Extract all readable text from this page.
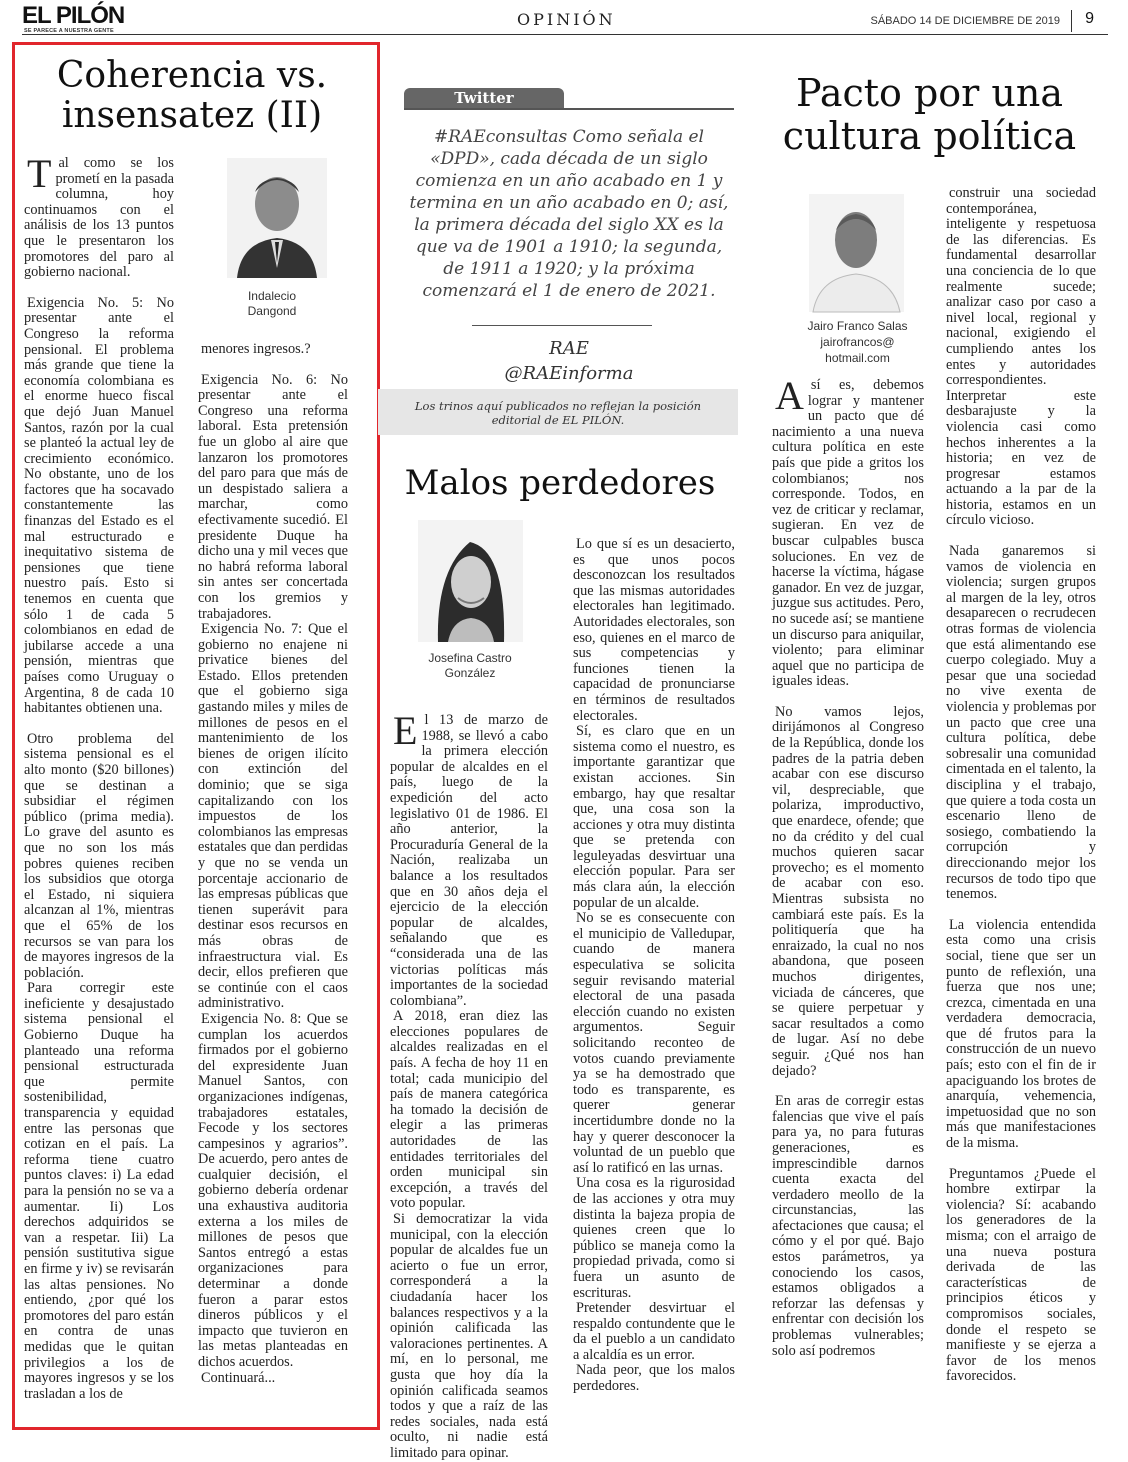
EL PILÓN
SE PARECE A NUESTRA GENTE
OPINIÓN	SÁBADO 14 DE DICIEMBRE DE 2019 9
Coherencia vs. insensatez (II)
Indalecio Dangond

Tal como se los prometí en la pasada columna, hoy continuamos con el análisis de los 13 puntos que le presentaron los promotores del paro al gobierno nacional.

Exigencia No. 5: No presentar ante el Congreso la reforma pensional. El problema más grande que tiene la economía colombiana es el enorme hueco fiscal que dejó Juan Manuel Santos, razón por la cual se planteó la actual ley de crecimiento económico. No obstante, uno de los factores que ha socavado constantemente las finanzas del Estado es el mal estructurado e inequitativo sistema de pensiones que tiene nuestro país. Esto si tenemos en cuenta que sólo 1 de cada 5 colombianos en edad de jubilarse accede a una pensión, mientras que países como Uruguay o Argentina, 8 de cada 10 habitantes obtienen una.

Otro problema del sistema pensional es el alto monto ($20 billones) que se destinan a subsidiar el régimen público (prima media). Lo grave del asunto es que no son los más pobres quienes reciben los subsidios que otorga el Estado, ni siquiera alcanzan al 1%, mientras que el 65% de los recursos se van para los de mayores ingresos de la población.

Para corregir este ineficiente y desajustado sistema pensional el Gobierno Duque ha planteado una reforma pensional estructurada que permite sostenibilidad, transparencia y equidad entre las personas que cotizan en el país. La reforma tiene cuatro puntos claves: i) La edad para la pensión no se va a aumentar. Ii) Los derechos adquiridos se van a respetar. Iii) La pensión sustitutiva sigue en firme y iv) se revisarán las altas pensiones. No entiendo, ¿por qué los promotores del paro están en contra de unas medidas que le quitan privilegios a los de mayores ingresos y se los trasladan a los de

menores ingresos.?

Exigencia No. 6: No presentar ante el Congreso una reforma laboral. Esta pretensión fue un globo al aire que lanzaron los promotores del paro para que más de un despistado saliera a marchar, como efectivamente sucedió. El presidente Duque ha dicho una y mil veces que no habrá reforma laboral sin antes ser concertada con los gremios y trabajadores.

Exigencia No. 7: Que el gobierno no enajene ni privatice bienes del Estado. Ellos pretenden que el gobierno siga gastando miles y miles de millones de pesos en el mantenimiento de los bienes de origen ilícito con extinción del dominio; que se siga capitalizando con los impuestos de los colombianos las empresas estatales que dan perdidas y que no se venda un porcentaje accionario de las empresas públicas que tienen superávit para destinar esos recursos en más obras de infraestructura vial. Es decir, ellos prefieren que se continúe con el caos administrativo.

Exigencia No. 8: Que se cumplan los acuerdos firmados por el gobierno del expresidente Juan Manuel Santos, con organizaciones indígenas, trabajadores estatales, Fecode y los sectores campesinos y agrarios”. De acuerdo, pero antes de cualquier decisión, el gobierno debería ordenar una exhaustiva auditoria externa a los miles de millones de pesos que Santos entregó a estas organizaciones para determinar a donde fueron a parar estos dineros públicos y el impacto que tuvieron en las metas planteadas en dichos acuerdos.

Continuará...

Twitter
#RAEconsultas Como señala el «DPD», cada década de un siglo comienza en un año acabado en 1 y termina en un año acabado en 0; así, la primera década del siglo XX es la que va de 1901 a 1910; la segunda, de 1911 a 1920; y la próxima comenzará el 1 de enero de 2021.
RAE
@RAEinforma
Los trinos aquí publicados no reflejan la posición editorial de EL PILÓN.
Malos perdedores
Josefina Castro González

El 13 de marzo de 1988, se llevó a cabo la primera elección popular de alcaldes en el país, luego de la expedición del acto legislativo 01 de 1986. El año anterior, la Procuraduría General de la Nación, realizaba un balance a los resultados que en 30 años deja el ejercicio de la elección popular de alcaldes, señalando que es “considerada una de las victorias políticas más importantes de la sociedad colombiana”.

A 2018, eran diez las elecciones populares de alcaldes realizadas en el país. A fecha de hoy 11 en total; cada municipio del país de manera categórica ha tomado la decisión de elegir a las primeras autoridades de las entidades territoriales del orden municipal sin excepción, a través del voto popular.

Si democratizar la vida municipal, con la elección popular de alcaldes fue un acierto o fue un error, corresponderá a la ciudadanía hacer los balances respectivos y a la opinión calificada las valoraciones pertinentes. A mí, en lo personal, me gusta que hoy día la opinión calificada seamos todos y que a raíz de las redes sociales, nada está oculto, ni nadie está limitado para opinar.

Lo que sí es un desacierto, es que unos pocos desconozcan los resultados que las mismas autoridades electorales han legitimado. Autoridades electorales, son eso, quienes en el marco de sus competencias y funciones tienen la capacidad de pronunciarse en términos de resultados electorales.

Sí, es claro que en un sistema como el nuestro, es importante garantizar que existan acciones. Sin embargo, hay que resaltar que, una cosa son la acciones y otra muy distinta que se pretenda con leguleyadas desvirtuar una elección popular. Para ser más clara aún, la elección popular de un alcalde.

No se es consecuente con el municipio de Valledupar, cuando de manera especulativa se solicita seguir revisando material electoral de una pasada elección cuando no existen argumentos. Seguir solicitando reconteo de votos cuando previamente ya se ha demostrado que todo es transparente, es querer generar incertidumbre donde no la hay y querer desconocer la voluntad de un pueblo que así lo ratificó en las urnas.

Una cosa es la rigurosidad de las acciones y otra muy distinta la bajeza propia de quienes creen que lo público se maneja como la propiedad privada, como si fuera un asunto de escrituras.

Pretender desvirtuar el respaldo contundente que le da el pueblo a un candidato a alcaldía es un error.

Nada peor, que los malos perdedores.

Pacto por una cultura política
Jairo Franco Salas
jairofrancos@
hotmail.com

Así es, debemos lograr y mantener un pacto que dé nacimiento a una nueva cultura política en este país que pide a gritos los colombianos; nos corresponde. Todos, en vez de criticar y reclamar, sugieran. En vez de buscar culpables busca soluciones. En vez de hacerse la víctima, hágase ganador. En vez de juzgar, juzgue sus actitudes. Pero, no sucede así; se mantiene un discurso para aniquilar, violento; para eliminar aquel que no participa de iguales ideas.

No vamos lejos, dirijámonos al Congreso de la República, donde los padres de la patria deben acabar con ese discurso vil, despreciable, que polariza, improductivo, que enardece, ofende; que no da crédito y del cual muchos quieren sacar provecho; es el momento de acabar con eso. Mientras subsista no cambiará este país. Es la politiquería que ha enraizado, la cual no nos abandona, que poseen muchos dirigentes, viciada de cánceres, que se quiere perpetuar y sacar resultados a como de lugar. Así no debe seguir. ¿Qué nos han dejado?

En aras de corregir estas falencias que vive el país para ya, no para futuras generaciones, es imprescindible darnos cuenta exacta del verdadero meollo de la circunstancias, las afectaciones que causa; el cómo y el por qué. Bajo estos parámetros, ya conociendo los casos, estamos obligados a reforzar las defensas y enfrentar con decisión los problemas vulnerables; solo así podremos

construir una sociedad contemporánea, inteligente y respetuosa de las diferencias. Es fundamental desarrollar una conciencia de lo que realmente sucede; analizar caso por caso a nivel local, regional y nacional, exigiendo el cumpliendo antes los entes y autoridades correspondientes. Interpretar este desbarajuste y la violencia casi como hechos inherentes a la historia; en vez de progresar estamos actuando a la par de la historia, estamos en un círculo vicioso.

Nada ganaremos si vamos de violencia en violencia; surgen grupos al margen de la ley, otros desaparecen o recrudecen otras formas de violencia que está alimentando ese cuerpo colegiado. Muy a pesar que una sociedad no vive exenta de violencia y problemas por un pacto que cree una cultura política, debe sobresalir una comunidad cimentada en el talento, la disciplina y el trabajo, que quiere a toda costa un escenario lleno de sosiego, combatiendo la corrupción y direccionando mejor los recursos de todo tipo que tenemos.

La violencia entendida esta como una crisis social, tiene que ser un punto de reflexión, una fuerza que nos une; crezca, cimentada en una verdadera democracia, que dé frutos para la construcción de un nuevo país; esto con el fin de ir apaciguando los brotes de anarquía, vehemencia, impetuosidad que no son más que manifestaciones de la misma.

Preguntamos ¿Puede el hombre extirpar la violencia? Sí: acabando los generadores de la misma; con el arraigo de una nueva postura derivada de las características de principios éticos y compromisos sociales, donde el respeto se manifieste y se ejerza a favor de los menos favorecidos.
